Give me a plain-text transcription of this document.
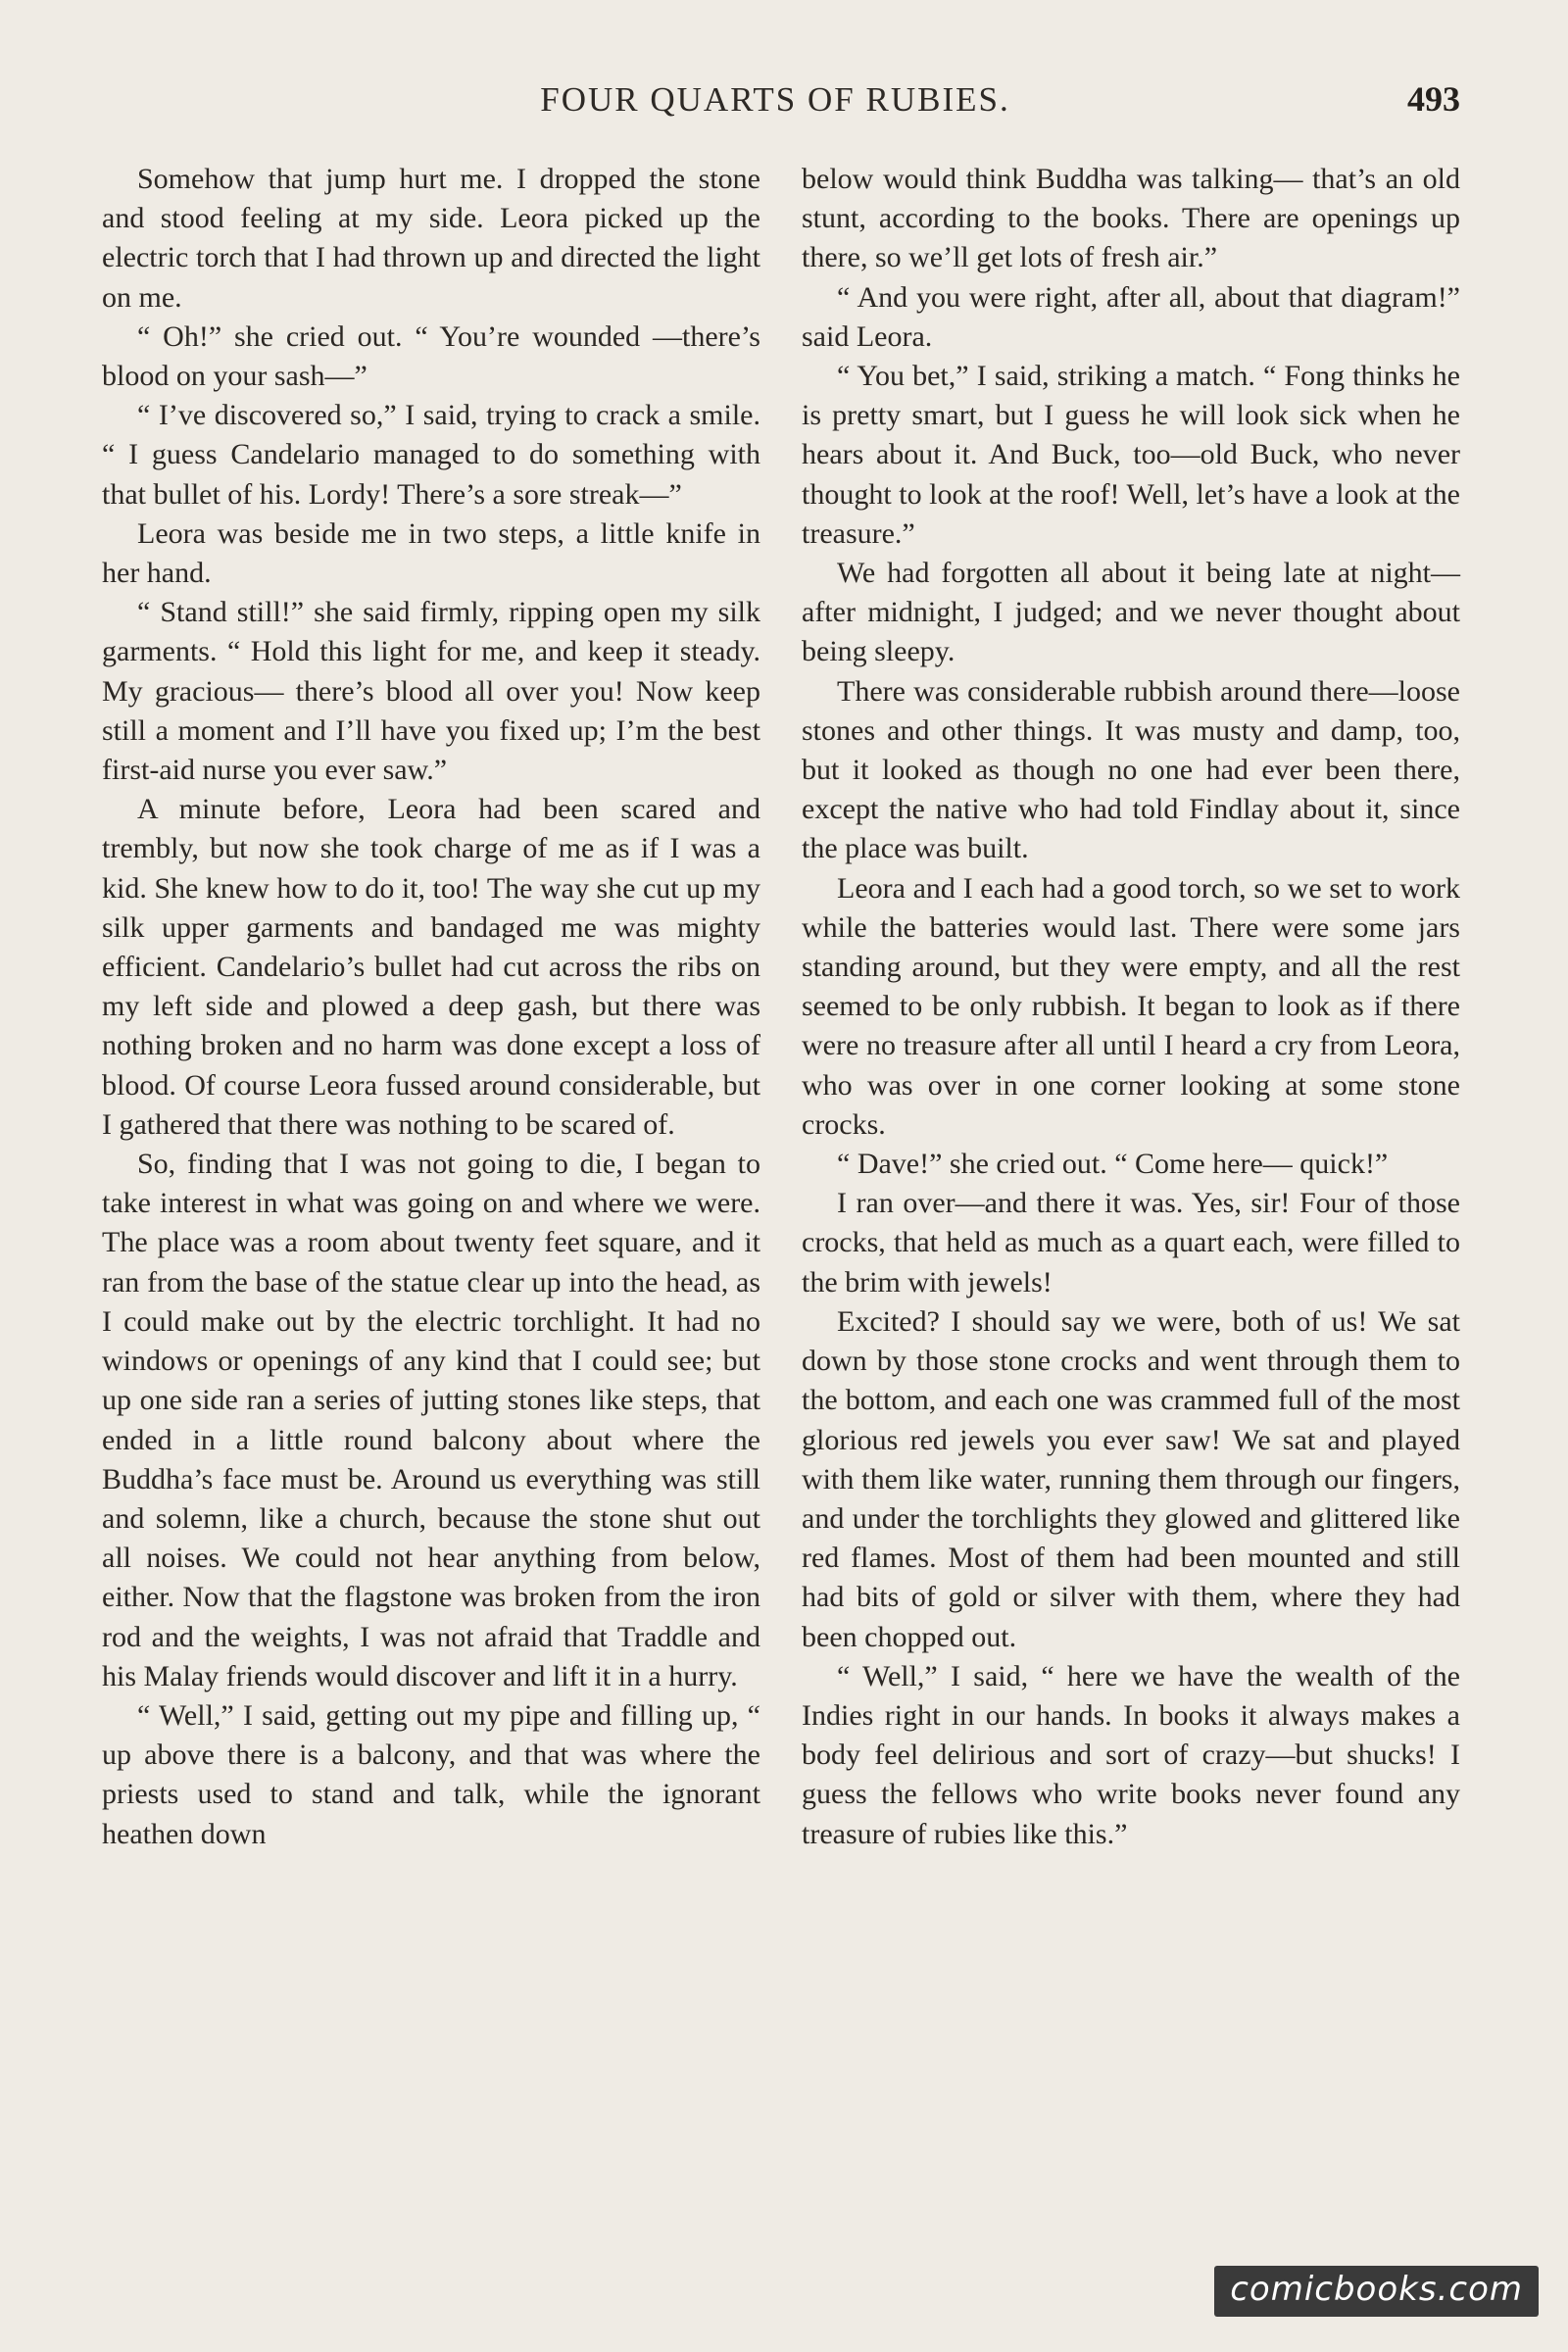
FOUR QUARTS OF RUBIES.	493

Somehow that jump hurt me. I dropped the stone and stood feeling at my side. Leora picked up the electric torch that I had thrown up and directed the light on me.

“ Oh!” she cried out. “ You’re wounded —there’s blood on your sash—”

“ I’ve discovered so,” I said, trying to crack a smile. “ I guess Candelario managed to do something with that bullet of his. Lordy! There’s a sore streak—”

Leora was beside me in two steps, a little knife in her hand.

“ Stand still!” she said firmly, ripping open my silk garments. “ Hold this light for me, and keep it steady. My gracious— there’s blood all over you! Now keep still a moment and I’ll have you fixed up; I’m the best first-aid nurse you ever saw.”

A minute before, Leora had been scared and trembly, but now she took charge of me as if I was a kid. She knew how to do it, too! The way she cut up my silk upper garments and bandaged me was mighty efficient. Candelario’s bullet had cut across the ribs on my left side and plowed a deep gash, but there was nothing broken and no harm was done except a loss of blood. Of course Leora fussed around considerable, but I gathered that there was nothing to be scared of.

So, finding that I was not going to die, I began to take interest in what was going on and where we were. The place was a room about twenty feet square, and it ran from the base of the statue clear up into the head, as I could make out by the electric torchlight. It had no windows or openings of any kind that I could see; but up one side ran a series of jutting stones like steps, that ended in a little round balcony about where the Buddha’s face must be. Around us everything was still and solemn, like a church, because the stone shut out all noises. We could not hear anything from below, either. Now that the flagstone was broken from the iron rod and the weights, I was not afraid that Traddle and his Malay friends would discover and lift it in a hurry.

“ Well,” I said, getting out my pipe and filling up, “ up above there is a balcony, and that was where the priests used to stand and talk, while the ignorant heathen down

below would think Buddha was talking— that’s an old stunt, according to the books. There are openings up there, so we’ll get lots of fresh air.”

“ And you were right, after all, about that diagram!” said Leora.

“ You bet,” I said, striking a match. “ Fong thinks he is pretty smart, but I guess he will look sick when he hears about it. And Buck, too—old Buck, who never thought to look at the roof! Well, let’s have a look at the treasure.”

We had forgotten all about it being late at night—after midnight, I judged; and we never thought about being sleepy.

There was considerable rubbish around there—loose stones and other things. It was musty and damp, too, but it looked as though no one had ever been there, except the native who had told Findlay about it, since the place was built.

Leora and I each had a good torch, so we set to work while the batteries would last. There were some jars standing around, but they were empty, and all the rest seemed to be only rubbish. It began to look as if there were no treasure after all until I heard a cry from Leora, who was over in one corner looking at some stone crocks.

“ Dave!” she cried out. “ Come here— quick!”

I ran over—and there it was. Yes, sir! Four of those crocks, that held as much as a quart each, were filled to the brim with jewels!

Excited? I should say we were, both of us! We sat down by those stone crocks and went through them to the bottom, and each one was crammed full of the most glorious red jewels you ever saw! We sat and played with them like water, running them through our fingers, and under the torchlights they glowed and glittered like red flames. Most of them had been mounted and still had bits of gold or silver with them, where they had been chopped out.

“ Well,” I said, “ here we have the wealth of the Indies right in our hands. In books it always makes a body feel delirious and sort of crazy—but shucks! I guess the fellows who write books never found any treasure of rubies like this.”

comicbooks.com
